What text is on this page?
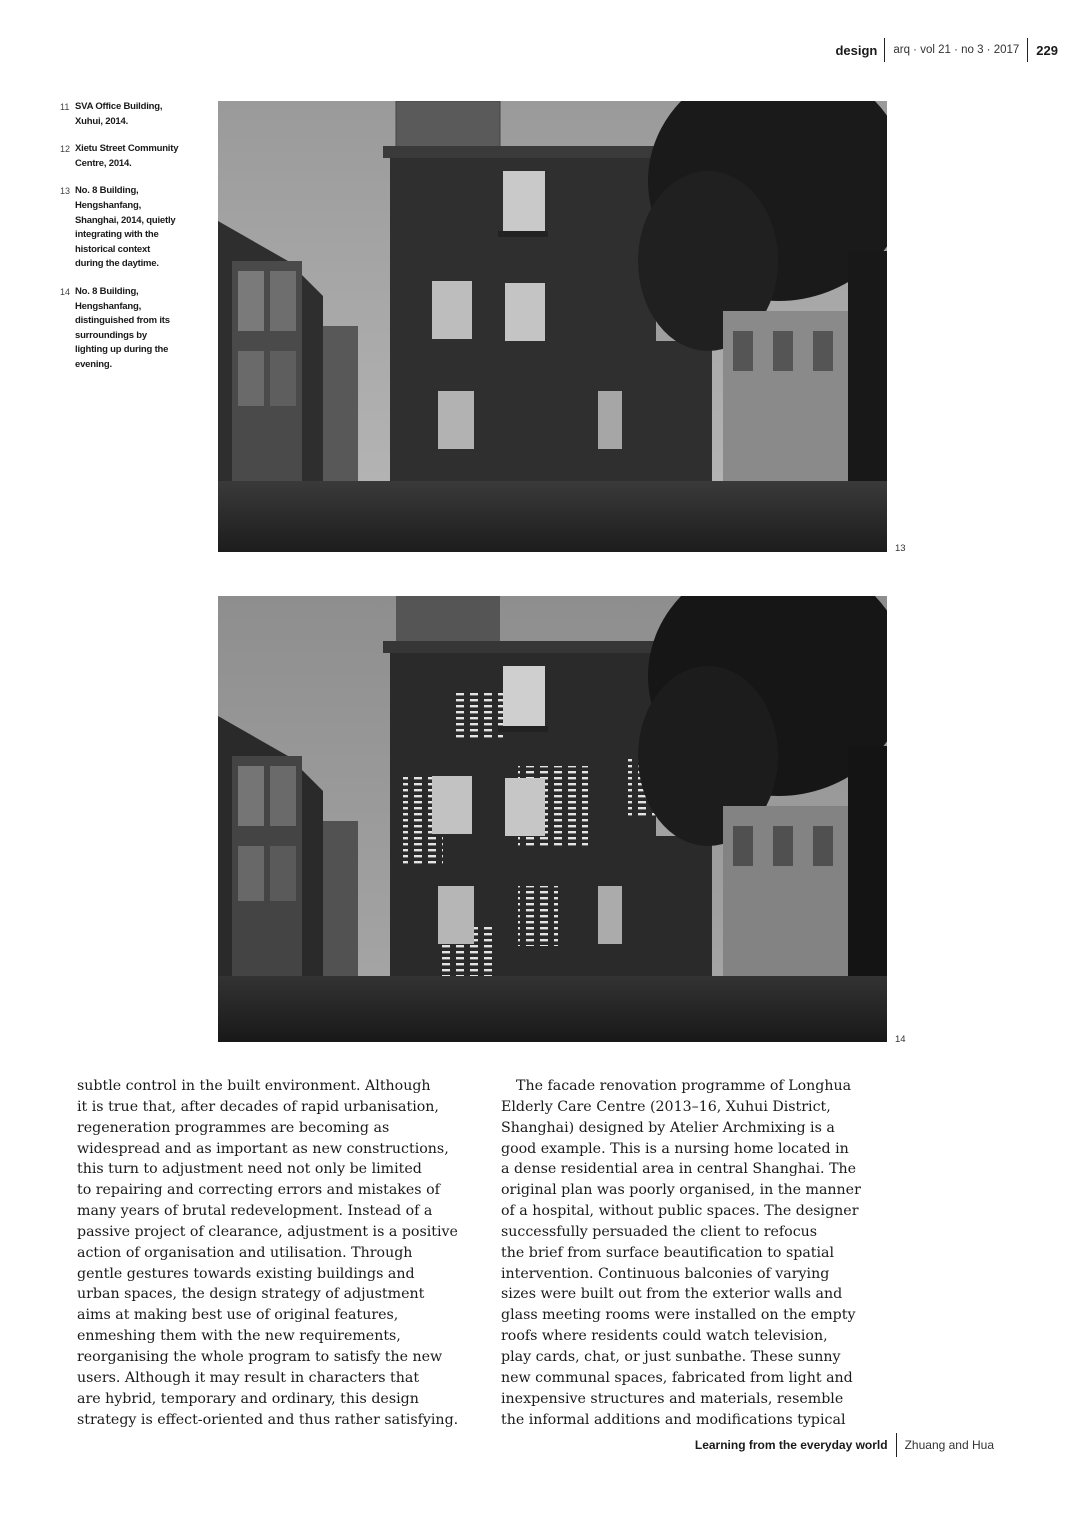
design	arq · vol 21 · no 3 · 2017	229
11 SVA Office Building, Xuhui, 2014.
12 Xietu Street Community Centre, 2014.
13 No. 8 Building, Hengshanfang, Shanghai, 2014, quietly integrating with the historical context during the daytime.
14 No. 8 Building, Hengshanfang, distinguished from its surroundings by lighting up during the evening.
13
14

subtle control in the built environment. Although
it is true that, after decades of rapid urbanisation,
regeneration programmes are becoming as
widespread and as important as new constructions,
this turn to adjustment need not only be limited
to repairing and correcting errors and mistakes of
many years of brutal redevelopment. Instead of a
passive project of clearance, adjustment is a positive
action of organisation and utilisation. Through
gentle gestures towards existing buildings and
urban spaces, the design strategy of adjustment
aims at making best use of original features,
enmeshing them with the new requirements,
reorganising the whole program to satisfy the new
users. Although it may result in characters that
are hybrid, temporary and ordinary, this design
strategy is effect-oriented and thus rather satisfying.

The facade renovation programme of Longhua
Elderly Care Centre (2013–16, Xuhui District,
Shanghai) designed by Atelier Archmixing is a
good example. This is a nursing home located in
a dense residential area in central Shanghai. The
original plan was poorly organised, in the manner
of a hospital, without public spaces. The designer
successfully persuaded the client to refocus
the brief from surface beautification to spatial
intervention. Continuous balconies of varying
sizes were built out from the exterior walls and
glass meeting rooms were installed on the empty
roofs where residents could watch television,
play cards, chat, or just sunbathe. These sunny
new communal spaces, fabricated from light and
inexpensive structures and materials, resemble
the informal additions and modifications typical

Learning from the everyday world	Zhuang and Hua
